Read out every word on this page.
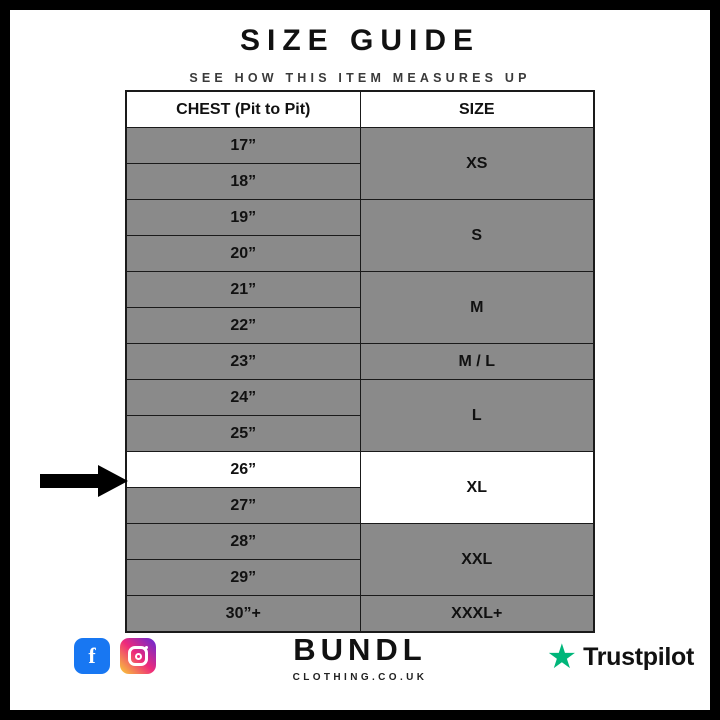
SIZE GUIDE
SEE HOW THIS ITEM MEASURES UP
CHEST (Pit to Pit)	SIZE
17”	XS
18”	
19”	S
20”	
21”	M
22”	
23”	M / L
24”	L
25”	
26”	XL
27”	
28”	XXL
29”	
30”+	XXXL+
G	f	BUNDL
CLOTHING.CO.UK
★ Trustpilot
